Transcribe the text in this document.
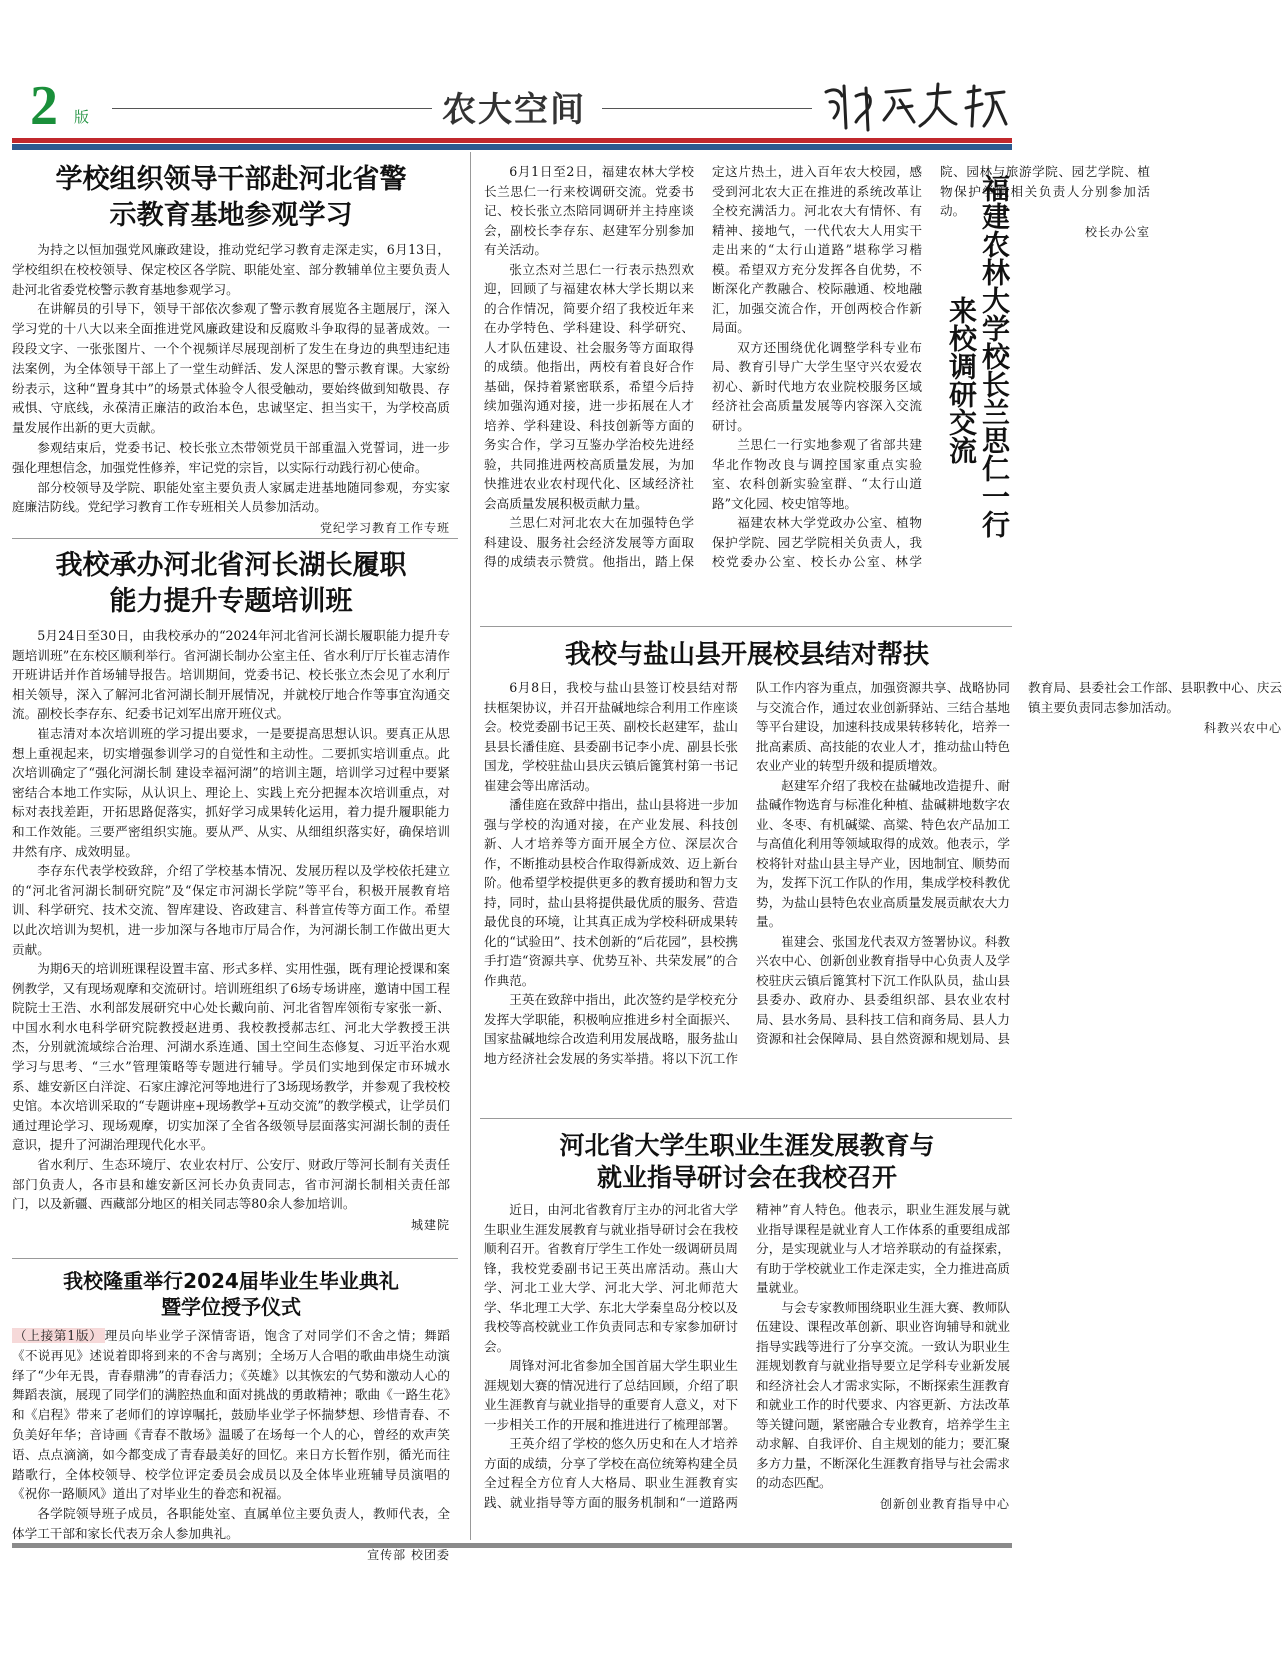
2 版	农大空间
学校组织领导干部赴河北省警
示教育基地参观学习

为持之以恒加强党风廉政建设，推动党纪学习教育走深走实，6月13日，学校组织在校校领导、保定校区各学院、职能处室、部分教辅单位主要负责人赴河北省委党校警示教育基地参观学习。

在讲解员的引导下，领导干部依次参观了警示教育展览各主题展厅，深入学习党的十八大以来全面推进党风廉政建设和反腐败斗争取得的显著成效。一段段文字、一张张图片、一个个视频详尽展现剖析了发生在身边的典型违纪违法案例，为全体领导干部上了一堂生动鲜活、发人深思的警示教育课。大家纷纷表示，这种“置身其中”的场景式体验令人很受触动，要始终做到知敬畏、存戒惧、守底线，永葆清正廉洁的政治本色，忠诚坚定、担当实干，为学校高质量发展作出新的更大贡献。

参观结束后，党委书记、校长张立杰带领党员干部重温入党誓词，进一步强化理想信念，加强党性修养，牢记党的宗旨，以实际行动践行初心使命。

部分校领导及学院、职能处室主要负责人家属走进基地随同参观，夯实家庭廉洁防线。党纪学习教育工作专班相关人员参加活动。

党纪学习教育工作专班
我校承办河北省河长湖长履职
能力提升专题培训班

5月24日至30日，由我校承办的“2024年河北省河长湖长履职能力提升专题培训班”在东校区顺利举行。省河湖长制办公室主任、省水利厅厅长崔志清作开班讲话并作首场辅导报告。培训期间，党委书记、校长张立杰会见了水利厅相关领导，深入了解河北省河湖长制开展情况，并就校厅地合作等事宜沟通交流。副校长李存东、纪委书记刘军出席开班仪式。

崔志清对本次培训班的学习提出要求，一是要提高思想认识。要真正从思想上重视起来，切实增强参训学习的自觉性和主动性。二要抓实培训重点。此次培训确定了“强化河湖长制 建设幸福河湖”的培训主题，培训学习过程中要紧密结合本地工作实际，从认识上、理论上、实践上充分把握本次培训重点，对标对表找差距，开拓思路促落实，抓好学习成果转化运用，着力提升履职能力和工作效能。三要严密组织实施。要从严、从实、从细组织落实好，确保培训井然有序、成效明显。

李存东代表学校致辞，介绍了学校基本情况、发展历程以及学校依托建立的“河北省河湖长制研究院”及“保定市河湖长学院”等平台，积极开展教育培训、科学研究、技术交流、智库建设、咨政建言、科普宣传等方面工作。希望以此次培训为契机，进一步加深与各地市厅局合作，为河湖长制工作做出更大贡献。

为期6天的培训班课程设置丰富、形式多样、实用性强，既有理论授课和案例教学，又有现场观摩和交流研讨。培训班组织了6场专场讲座，邀请中国工程院院士王浩、水利部发展研究中心处长戴向前、河北省智库领衔专家张一新、中国水利水电科学研究院教授赵进勇、我校教授郝志红、河北大学教授王洪杰，分别就流域综合治理、河湖水系连通、国土空间生态修复、习近平治水观学习与思考、“三水”管理策略等专题进行辅导。学员们实地到保定市环城水系、雄安新区白洋淀、石家庄滹沱河等地进行了3场现场教学，并参观了我校校史馆。本次培训采取的“专题讲座+现场教学+互动交流”的教学模式，让学员们通过理论学习、现场观摩，切实加深了全省各级领导层面落实河湖长制的责任意识，提升了河湖治理现代化水平。

省水利厅、生态环境厅、农业农村厅、公安厅、财政厅等河长制有关责任部门负责人，各市县和雄安新区河长办负责同志，省市河湖长制相关责任部门，以及新疆、西藏部分地区的相关同志等80余人参加培训。

城建院
我校隆重举行2024届毕业生毕业典礼
暨学位授予仪式

（上接第1版） 理员向毕业学子深情寄语，饱含了对同学们不舍之情；舞蹈《不说再见》述说着即将到来的不舍与离别；全场万人合唱的歌曲串烧生动演绎了“少年无畏，青春鼎沸”的青春活力；《英雄》以其恢宏的气势和激动人心的舞蹈表演，展现了同学们的满腔热血和面对挑战的勇敢精神；歌曲《一路生花》和《启程》带来了老师们的谆谆嘱托，鼓励毕业学子怀揣梦想、珍惜青春、不负美好年华；音诗画《青春不散场》温暖了在场每一个人的心，曾经的欢声笑语、点点滴滴，如今都变成了青春最美好的回忆。来日方长暂作别，循光而往踏歌行，全体校领导、校学位评定委员会成员以及全体毕业班辅导员演唱的《祝你一路顺风》道出了对毕业生的眷恋和祝福。

各学院领导班子成员，各职能处室、直属单位主要负责人，教师代表，全体学工干部和家长代表万余人参加典礼。

宣传部 校团委

6月1日至2日，福建农林大学校长兰思仁一行来校调研交流。党委书记、校长张立杰陪同调研并主持座谈会，副校长李存东、赵建军分别参加有关活动。

张立杰对兰思仁一行表示热烈欢迎，回顾了与福建农林大学长期以来的合作情况，简要介绍了我校近年来在办学特色、学科建设、科学研究、人才队伍建设、社会服务等方面取得的成绩。他指出，两校有着良好合作基础，保持着紧密联系，希望今后持续加强沟通对接，进一步拓展在人才培养、学科建设、科技创新等方面的务实合作，学习互鉴办学治校先进经验，共同推进两校高质量发展，为加快推进农业农村现代化、区域经济社会高质量发展积极贡献力量。

兰思仁对河北农大在加强特色学科建设、服务社会经济发展等方面取得的成绩表示赞赏。他指出，踏上保定这片热土，进入百年农大校园，感受到河北农大正在推进的系统改革让全校充满活力。河北农大有情怀、有精神、接地气，一代代农大人用实干走出来的“太行山道路”堪称学习楷模。希望双方充分发挥各自优势，不断深化产教融合、校际融通、校地融汇，加强交流合作，开创两校合作新局面。

双方还围绕优化调整学科专业布局、教育引导广大学生坚守兴农爱农初心、新时代地方农业院校服务区域经济社会高质量发展等内容深入交流研讨。

兰思仁一行实地参观了省部共建华北作物改良与调控国家重点实验室、农科创新实验室群、“太行山道路”文化园、校史馆等地。

福建农林大学党政办公室、植物保护学院、园艺学院相关负责人，我校党委办公室、校长办公室、林学院、园林与旅游学院、园艺学院、植物保护学院相关负责人分别参加活动。

校长办公室
福建农林大学校长兰思仁一行
来校调研交流
我校与盐山县开展校县结对帮扶

6月8日，我校与盐山县签订校县结对帮扶框架协议，并召开盐碱地综合利用工作座谈会。校党委副书记王英、副校长赵建军，盐山县县长潘佳庭、县委副书记李小虎、副县长张国龙，学校驻盐山县庆云镇后篦箕村第一书记崔建会等出席活动。

潘佳庭在致辞中指出，盐山县将进一步加强与学校的沟通对接，在产业发展、科技创新、人才培养等方面开展全方位、深层次合作，不断推动县校合作取得新成效、迈上新台阶。他希望学校提供更多的教育援助和智力支持，同时，盐山县将提供最优质的服务、营造最优良的环境，让其真正成为学校科研成果转化的“试验田”、技术创新的“后花园”，县校携手打造“资源共享、优势互补、共荣发展”的合作典范。

王英在致辞中指出，此次签约是学校充分发挥大学职能，积极响应推进乡村全面振兴、国家盐碱地综合改造利用发展战略，服务盐山地方经济社会发展的务实举措。将以下沉工作队工作内容为重点，加强资源共享、战略协同与交流合作，通过农业创新驿站、三结合基地等平台建设，加速科技成果转移转化，培养一批高素质、高技能的农业人才，推动盐山特色农业产业的转型升级和提质增效。

赵建军介绍了我校在盐碱地改造提升、耐盐碱作物选育与标准化种植、盐碱耕地数字农业、冬枣、有机碱粱、高粱、特色农产品加工与高值化利用等领域取得的成效。他表示，学校将针对盐山县主导产业，因地制宜、顺势而为，发挥下沉工作队的作用，集成学校科教优势，为盐山县特色农业高质量发展贡献农大力量。

崔建会、张国龙代表双方签署协议。科教兴农中心、创新创业教育指导中心负责人及学校驻庆云镇后篦箕村下沉工作队队员，盐山县县委办、政府办、县委组织部、县农业农村局、县水务局、县科技工信和商务局、县人力资源和社会保障局、县自然资源和规划局、县教育局、县委社会工作部、县职教中心、庆云镇主要负责同志参加活动。

科教兴农中心
河北省大学生职业生涯发展教育与
就业指导研讨会在我校召开

近日，由河北省教育厅主办的河北省大学生职业生涯发展教育与就业指导研讨会在我校顺利召开。省教育厅学生工作处一级调研员周锋，我校党委副书记王英出席活动。燕山大学、河北工业大学、河北大学、河北师范大学、华北理工大学、东北大学秦皇岛分校以及我校等高校就业工作负责同志和专家参加研讨会。

周锋对河北省参加全国首届大学生职业生涯规划大赛的情况进行了总结回顾，介绍了职业生涯教育与就业指导的重要育人意义，对下一步相关工作的开展和推进进行了梳理部署。

王英介绍了学校的悠久历史和在人才培养方面的成绩，分享了学校在高位统筹构建全员全过程全方位育人大格局、职业生涯教育实践、就业指导等方面的服务机制和“一道路两精神”育人特色。他表示，职业生涯发展与就业指导课程是就业育人工作体系的重要组成部分，是实现就业与人才培养联动的有益探索，有助于学校就业工作走深走实，全力推进高质量就业。

与会专家教师围绕职业生涯大赛、教师队伍建设、课程改革创新、职业咨询辅导和就业指导实践等进行了分享交流。一致认为职业生涯规划教育与就业指导要立足学科专业新发展和经济社会人才需求实际，不断探索生涯教育和就业工作的时代要求、内容更新、方法改革等关键问题，紧密融合专业教育，培养学生主动求解、自我评价、自主规划的能力；要汇聚多方力量，不断深化生涯教育指导与社会需求的动态匹配。

创新创业教育指导中心
